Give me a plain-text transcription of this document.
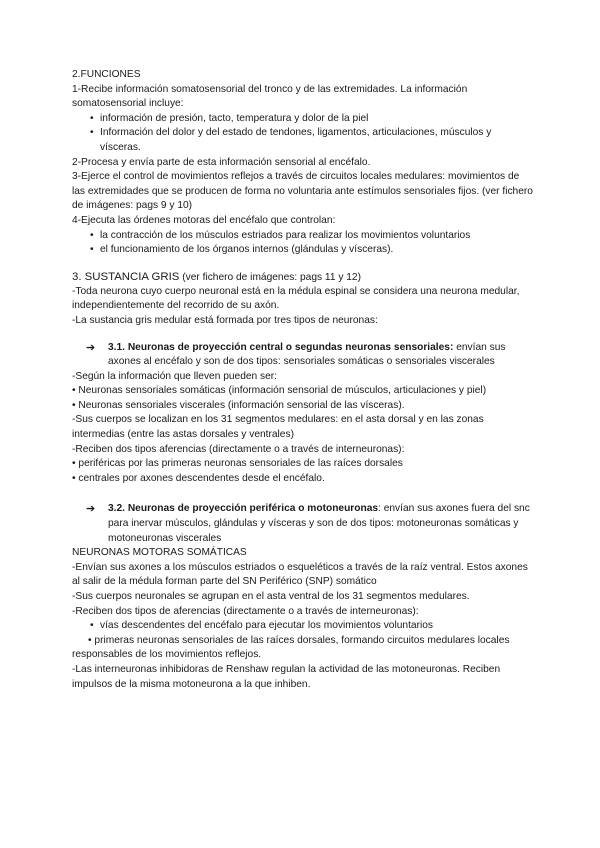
2.FUNCIONES
1-Recibe información somatosensorial del tronco y de las extremidades. La información somatosensorial incluye:
• información de presión, tacto, temperatura y dolor de la piel
• Información del dolor y del estado de tendones, ligamentos, articulaciones, músculos y vísceras.
2-Procesa y envía parte de esta información sensorial al encéfalo.
3-Ejerce el control de movimientos reflejos a través de circuitos locales medulares: movimientos de las extremidades que se producen de forma no voluntaria ante estímulos sensoriales fijos. (ver fichero de imágenes: pags 9 y 10)
4-Ejecuta las órdenes motoras del encéfalo que controlan:
• la contracción de los músculos estriados para realizar los movimientos voluntarios
• el funcionamiento de los órganos internos (glándulas y vísceras).
3. SUSTANCIA GRIS (ver fichero de imágenes: pags 11 y 12)
-Toda neurona cuyo cuerpo neuronal está en la médula espinal se considera una neurona medular, independientemente del recorrido de su axón.
-La sustancia gris medular está formada por tres tipos de neuronas:
➔ 3.1. Neuronas de proyección central o segundas neuronas sensoriales: envían sus axones al encéfalo y son de dos tipos: sensoriales somáticas o sensoriales viscerales
-Según la información que lleven pueden ser:
• Neuronas sensoriales somáticas (información sensorial de músculos, articulaciones y piel)
• Neuronas sensoriales viscerales (información sensorial de las vísceras).
-Sus cuerpos se localizan en los 31 segmentos medulares: en el asta dorsal y en las zonas intermedias (entre las astas dorsales y ventrales)
-Reciben dos tipos aferencias (directamente o a través de interneuronas):
• periféricas por las primeras neuronas sensoriales de las raíces dorsales
• centrales por axones descendentes desde el encéfalo.
➔ 3.2. Neuronas de proyección periférica o motoneuronas: envían sus axones fuera del snc para inervar músculos, glándulas y vísceras y son de dos tipos: motoneuronas somáticas y motoneuronas viscerales
NEURONAS MOTORAS SOMÁTICAS
-Envían sus axones a los músculos estriados o esqueléticos a través de la raíz ventral. Estos axones al salir de la médula forman parte del SN Periférico (SNP) somático
-Sus cuerpos neuronales se agrupan en el asta ventral de los 31 segmentos medulares.
-Reciben dos tipos de aferencias (directamente o a través de interneuronas):
• vías descendentes del encéfalo para ejecutar los movimientos voluntarios
• primeras neuronas sensoriales de las raíces dorsales, formando circuitos medulares locales responsables de los movimientos reflejos.
-Las interneuronas inhibidoras de Renshaw regulan la actividad de las motoneuronas. Reciben impulsos de la misma motoneurona a la que inhiben.
